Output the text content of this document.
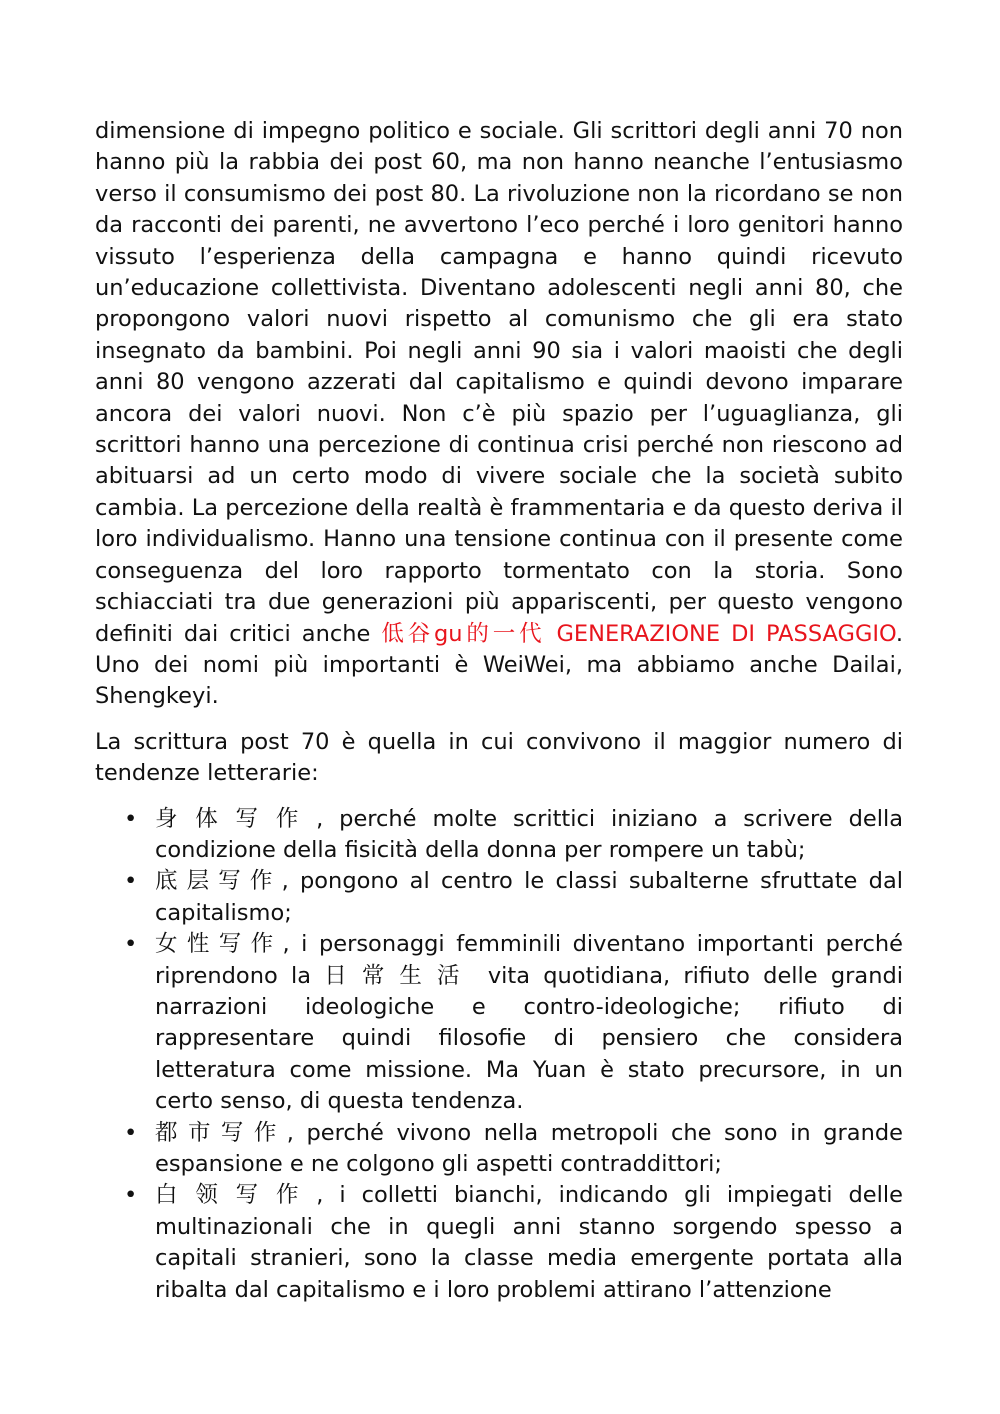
dimensione di impegno politico e sociale. Gli scrittori degli anni 70 non hanno più la rabbia dei post 60, ma non hanno neanche l’entusiasmo verso il consumismo dei post 80. La rivoluzione non la ricordano se non da racconti dei parenti, ne avvertono l’eco perché i loro genitori hanno vissuto l’esperienza della campagna e hanno quindi ricevuto un’educazione collettivista. Diventano adolescenti negli anni 80, che propongono valori nuovi rispetto al comunismo che gli era stato insegnato da bambini. Poi negli anni 90 sia i valori maoisti che degli anni 80 vengono azzerati dal capitalismo e quindi devono imparare ancora dei valori nuovi. Non c’è più spazio per l’uguaglianza, gli scrittori hanno una percezione di continua crisi perché non riescono ad abituarsi ad un certo modo di vivere sociale che la società subito cambia. La percezione della realtà è frammentaria e da questo deriva il loro individualismo. Hanno una tensione continua con il presente come conseguenza del loro rapporto tormentato con la storia. Sono schiacciati tra due generazioni più appariscenti, per questo vengono definiti dai critici anche 低谷gu的一代 GENERAZIONE DI PASSAGGIO. Uno dei nomi più importanti è WeiWei, ma abbiamo anche Dailai, Shengkeyi.

La scrittura post 70 è quella in cui convivono il maggior numero di tendenze letterarie:

• 身体写作, perché molte scrittici iniziano a scrivere della condizione della fisicità della donna per rompere un tabù;
• 底层写作, pongono al centro le classi subalterne sfruttate dal capitalismo;
• 女性写作, i personaggi femminili diventano importanti perché riprendono la 日常生活 vita quotidiana, rifiuto delle grandi narrazioni ideologiche e contro-ideologiche; rifiuto di rappresentare quindi filosofie di pensiero che considera letteratura come missione. Ma Yuan è stato precursore, in un certo senso, di questa tendenza.
• 都市写作, perché vivono nella metropoli che sono in grande espansione e ne colgono gli aspetti contraddittori;
• 白领写作, i colletti bianchi, indicando gli impiegati delle multinazionali che in quegli anni stanno sorgendo spesso a capitali stranieri, sono la classe media emergente portata alla ribalta dal capitalismo e i loro problemi attirano l’attenzione
